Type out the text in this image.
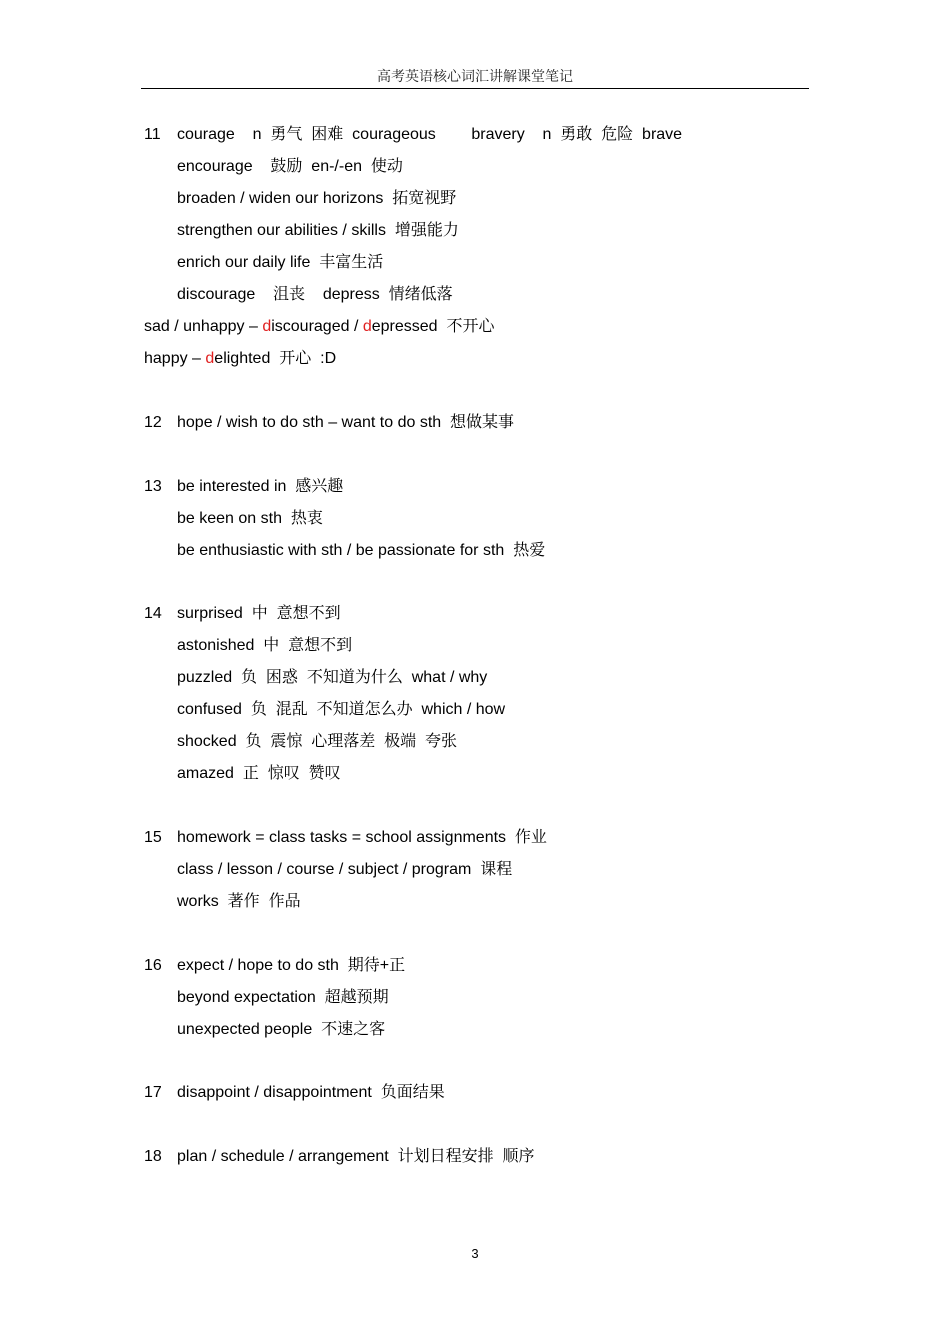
高考英语核心词汇讲解课堂笔记
11 courage    n  勇气  困难  courageous        bravery    n  勇敢  危险  brave
encourage    鼓励  en-/-en  使动
broaden / widen our horizons  拓宽视野
strengthen our abilities / skills  增强能力
enrich our daily life  丰富生活
discourage    沮丧    depress  情绪低落
sad / unhappy – discouraged / depressed  不开心
happy – delighted  开心  :D
12 hope / wish to do sth – want to do sth  想做某事
13 be interested in  感兴趣
be keen on sth  热衷
be enthusiastic with sth / be passionate for sth  热爱
14 surprised  中  意想不到
astonished  中  意想不到
puzzled  负  困惑  不知道为什么  what / why
confused  负  混乱  不知道怎么办  which / how
shocked  负  震惊  心理落差  极端  夸张
amazed  正  惊叹  赞叹
15 homework = class tasks = school assignments  作业
class / lesson / course / subject / program  课程
works  著作  作品
16 expect / hope to do sth  期待+正
beyond expectation  超越预期
unexpected people  不速之客
17 disappoint / disappointment  负面结果
18 plan / schedule / arrangement  计划日程安排  顺序
3
